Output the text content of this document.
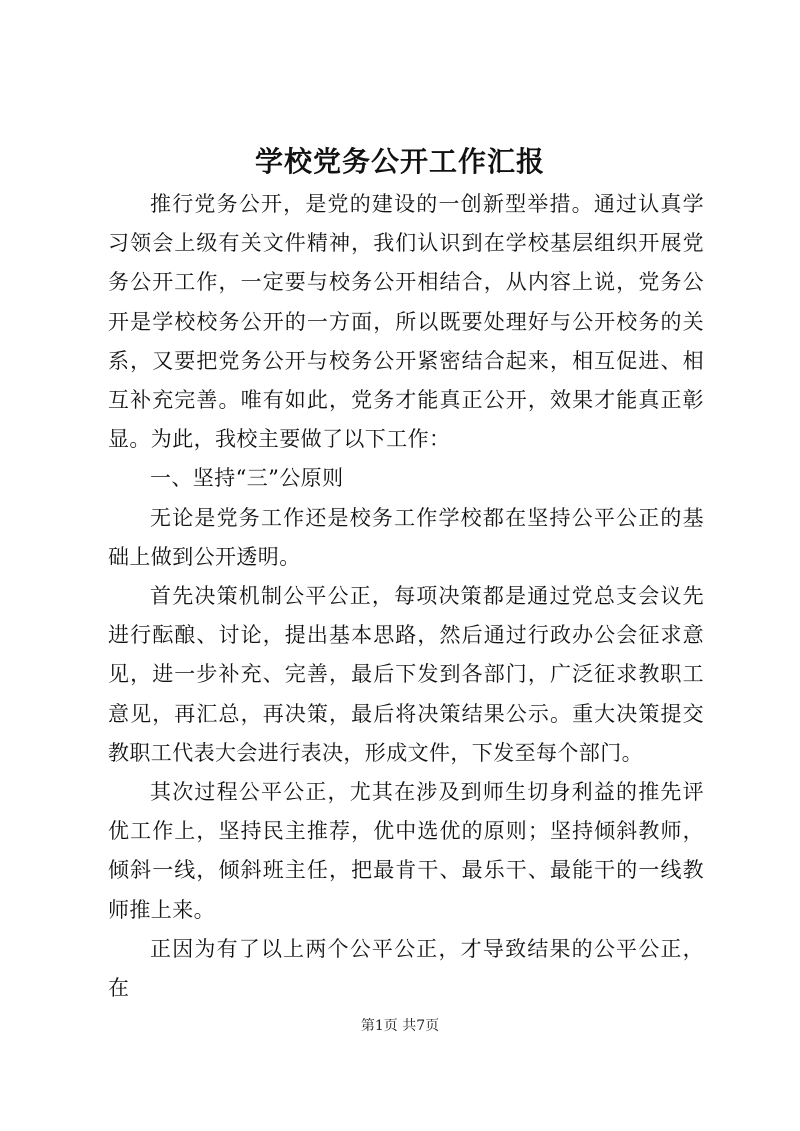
学校党务公开工作汇报

推行党务公开，是党的建设的一创新型举措。通过认真学习领会上级有关文件精神，我们认识到在学校基层组织开展党务公开工作，一定要与校务公开相结合，从内容上说，党务公开是学校校务公开的一方面，所以既要处理好与公开校务的关系，又要把党务公开与校务公开紧密结合起来，相互促进、相互补充完善。唯有如此，党务才能真正公开，效果才能真正彰显。为此，我校主要做了以下工作：

一、坚持“三”公原则

无论是党务工作还是校务工作学校都在坚持公平公正的基础上做到公开透明。

首先决策机制公平公正，每项决策都是通过党总支会议先进行酝酿、讨论，提出基本思路，然后通过行政办公会征求意见，进一步补充、完善，最后下发到各部门，广泛征求教职工意见，再汇总，再决策，最后将决策结果公示。重大决策提交教职工代表大会进行表决，形成文件，下发至每个部门。

其次过程公平公正，尤其在涉及到师生切身利益的推先评优工作上，坚持民主推荐，优中选优的原则；坚持倾斜教师，倾斜一线，倾斜班主任，把最肯干、最乐干、最能干的一线教师推上来。

正因为有了以上两个公平公正，才导致结果的公平公正，在

第1页 共7页
